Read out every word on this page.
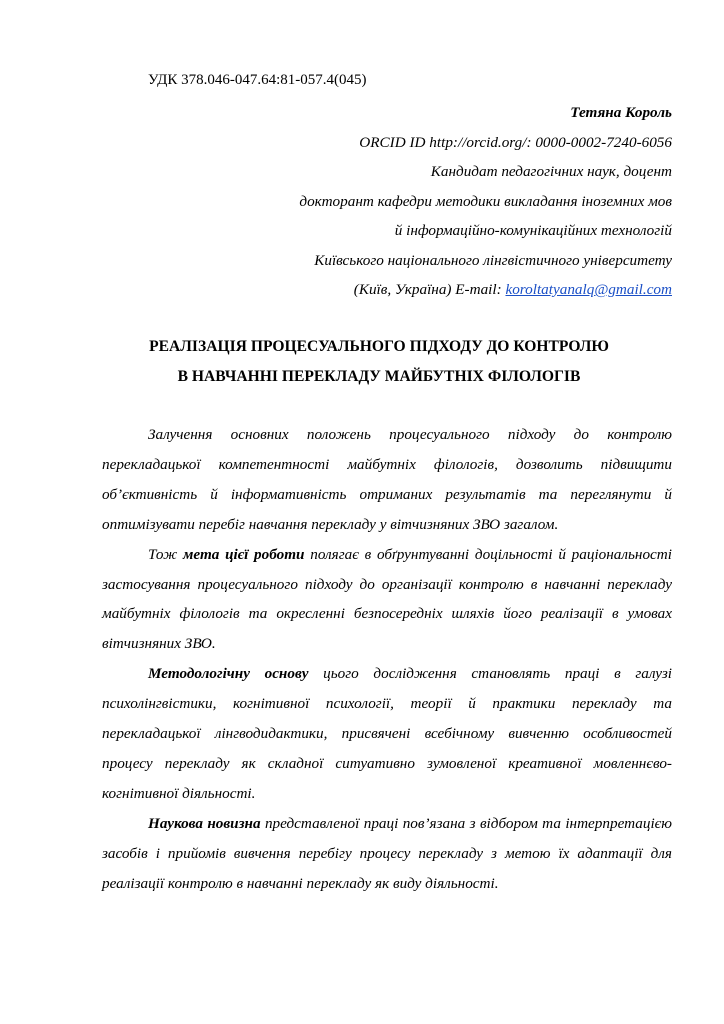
УДК 378.046-047.64:81-057.4(045)
Тетяна Король
ORCID ID http://orcid.org/: 0000-0002-7240-6056
Кандидат педагогічних наук, доцент
докторант кафедри методики викладання іноземних мов
й інформаційно-комунікаційних технологій
Київського національного лінгвістичного університету
(Київ, Україна) E-mail: koroltatyanalq@gmail.com
РЕАЛІЗАЦІЯ ПРОЦЕСУАЛЬНОГО ПІДХОДУ ДО КОНТРОЛЮ
В НАВЧАННІ ПЕРЕКЛАДУ МАЙБУТНІХ ФІЛОЛОГІВ

Залучення основних положень процесуального підходу до контролю перекладацької компетентності майбутніх філологів, дозволить підвищити об’єктивність й інформативність отриманих результатів та переглянути й оптимізувати перебіг навчання перекладу у вітчизняних ЗВО загалом.

Тож мета цієї роботи полягає в обґрунтуванні доцільності й раціональності застосування процесуального підходу до організації контролю в навчанні перекладу майбутніх філологів та окресленні безпосередніх шляхів його реалізації в умовах вітчизняних ЗВО.

Методологічну основу цього дослідження становлять праці в галузі психолінгвістики, когнітивної психології, теорії й практики перекладу та перекладацької лінгводидактики, присвячені всебічному вивченню особливостей процесу перекладу як складної ситуативно зумовленої креативної мовленнєво-когнітивної діяльності.

Наукова новизна представленої праці пов’язана з відбором та інтерпретацією засобів і прийомів вивчення перебігу процесу перекладу з метою їх адаптації для реалізації контролю в навчанні перекладу як виду діяльності.
